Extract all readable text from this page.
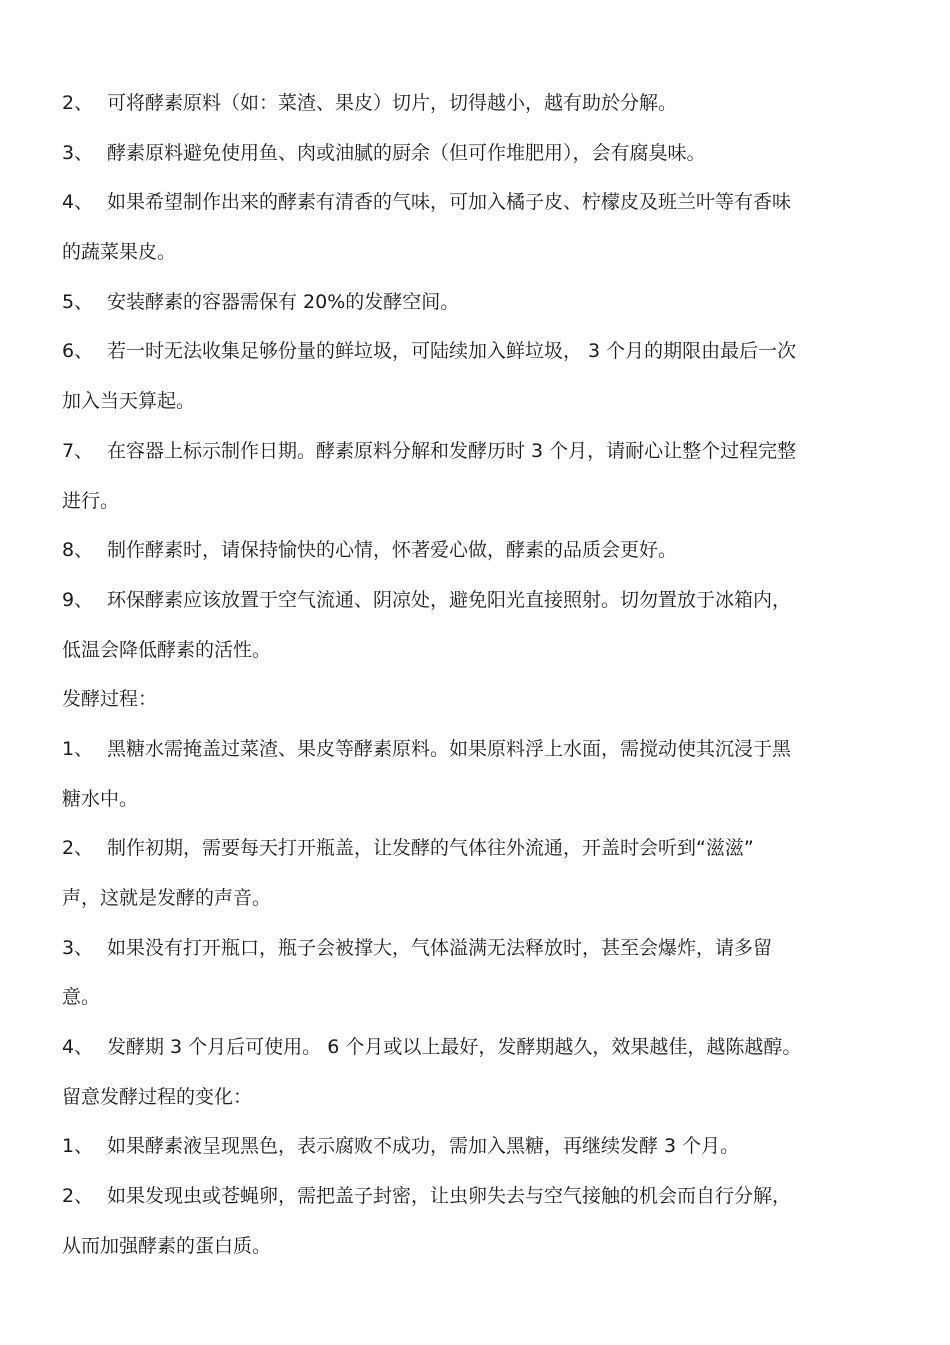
2、 可将酵素原料（如：菜渣、果皮）切片，切得越小，越有助於分解。
3、 酵素原料避免使用鱼、肉或油腻的厨余（但可作堆肥用），会有腐臭味。
4、 如果希望制作出来的酵素有清香的气味，可加入橘子皮、柠檬皮及班兰叶等有香味
的蔬菜果皮。
5、 安装酵素的容器需保有 20%的发酵空间。
6、 若一时无法收集足够份量的鲜垃圾，可陆续加入鲜垃圾， 3 个月的期限由最后一次
加入当天算起。
7、 在容器上标示制作日期。酵素原料分解和发酵历时 3 个月，请耐心让整个过程完整
进行。
8、 制作酵素时，请保持愉快的心情，怀著爱心做，酵素的品质会更好。
9、 环保酵素应该放置于空气流通、阴凉处，避免阳光直接照射。切勿置放于冰箱内，
低温会降低酵素的活性。
发酵过程：
1、 黑糖水需掩盖过菜渣、果皮等酵素原料。如果原料浮上水面，需搅动使其沉浸于黑
糖水中。
2、 制作初期，需要每天打开瓶盖，让发酵的气体往外流通，开盖时会听到“滋滋”
声，这就是发酵的声音。
3、 如果没有打开瓶口，瓶子会被撑大，气体溢满无法释放时，甚至会爆炸，请多留
意。
4、 发酵期 3 个月后可使用。 6 个月或以上最好，发酵期越久，效果越佳，越陈越醇。
留意发酵过程的变化：
1、 如果酵素液呈现黑色，表示腐败不成功，需加入黑糖，再继续发酵 3 个月。
2、 如果发现虫或苍蝇卵，需把盖子封密，让虫卵失去与空气接触的机会而自行分解，
从而加强酵素的蛋白质。
